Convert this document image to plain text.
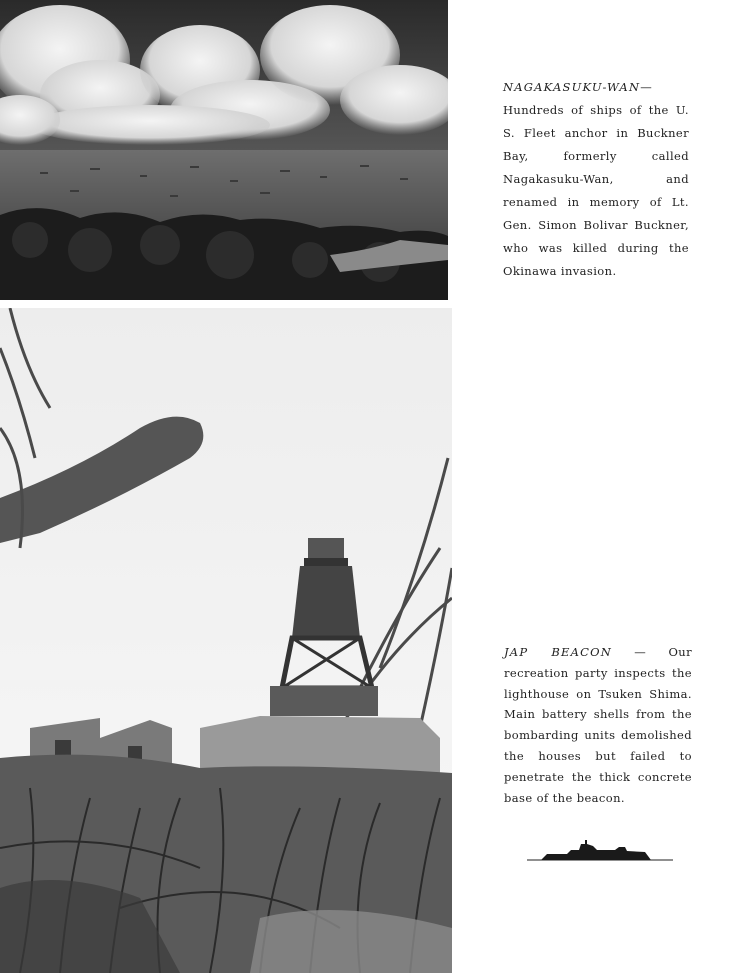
NAGAKASUKU-WAN—Hundreds of ships of the U. S. Fleet anchor in Buckner Bay, formerly called Nagakasuku-Wan, and renamed in memory of Lt. Gen. Simon Bolivar Buckner, who was killed during the Okinawa invasion.
JAP BEACON — Our recreation party inspects the lighthouse on Tsuken Shima. Main battery shells from the bombarding units demolished the houses but failed to penetrate the thick concrete base of the beacon.
